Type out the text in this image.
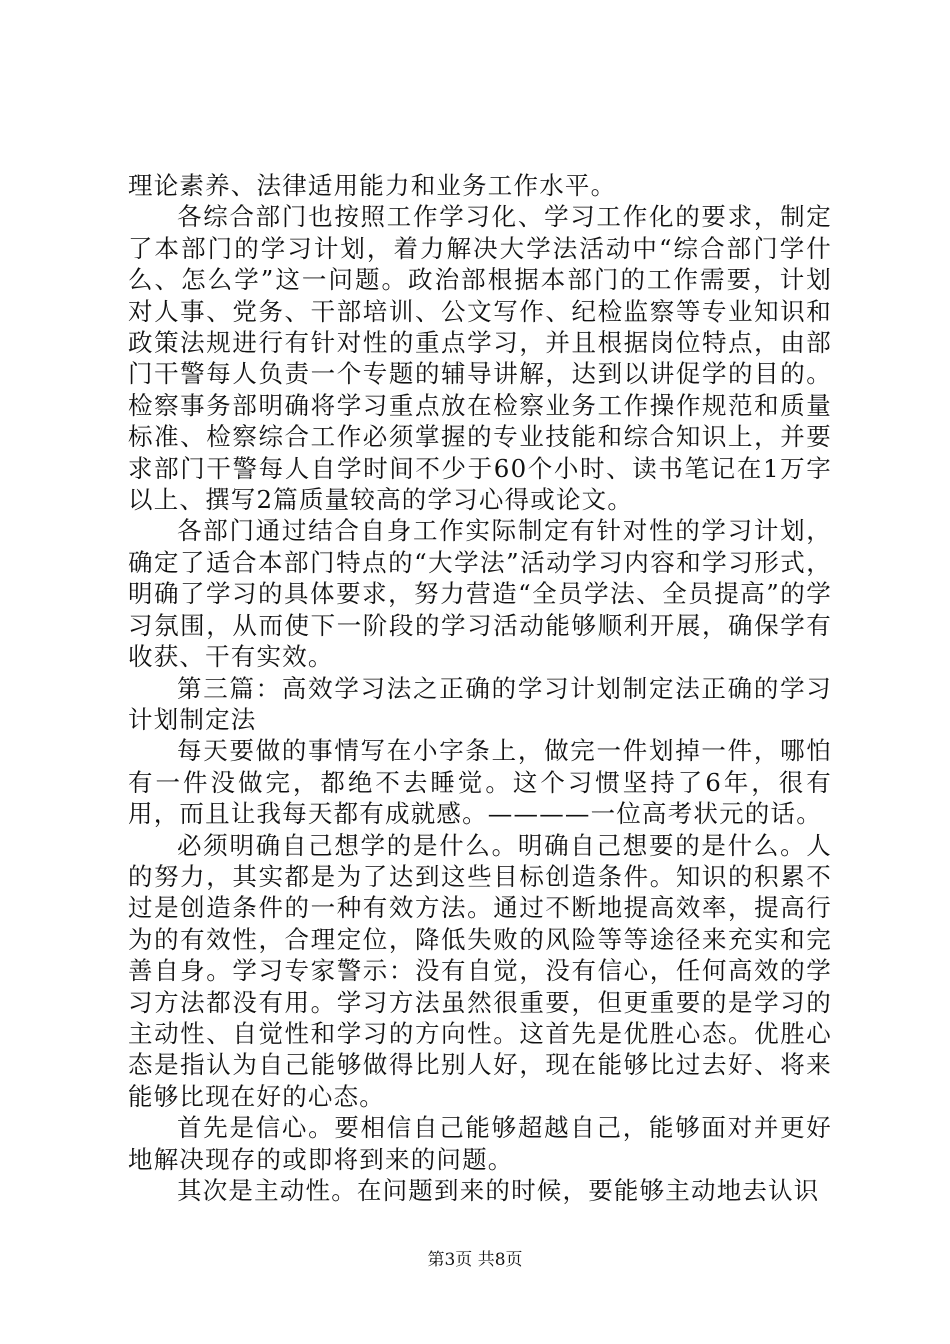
理论素养、法律适用能力和业务工作水平。

各综合部门也按照工作学习化、学习工作化的要求，制定了本部门的学习计划，着力解决大学法活动中“综合部门学什么、怎么学”这一问题。政治部根据本部门的工作需要，计划对人事、党务、干部培训、公文写作、纪检监察等专业知识和政策法规进行有针对性的重点学习，并且根据岗位特点，由部门干警每人负责一个专题的辅导讲解，达到以讲促学的目的。检察事务部明确将学习重点放在检察业务工作操作规范和质量标准、检察综合工作必须掌握的专业技能和综合知识上，并要求部门干警每人自学时间不少于60个小时、读书笔记在1万字以上、撰写2篇质量较高的学习心得或论文。

各部门通过结合自身工作实际制定有针对性的学习计划，确定了适合本部门特点的“大学法”活动学习内容和学习形式，明确了学习的具体要求，努力营造“全员学法、全员提高”的学习氛围，从而使下一阶段的学习活动能够顺利开展，确保学有收获、干有实效。

第三篇：高效学习法之正确的学习计划制定法正确的学习计划制定法

每天要做的事情写在小字条上，做完一件划掉一件，哪怕有一件没做完，都绝不去睡觉。这个习惯坚持了6年，很有用，而且让我每天都有成就感。————一位高考状元的话。

必须明确自己想学的是什么。明确自己想要的是什么。人的努力，其实都是为了达到这些目标创造条件。知识的积累不过是创造条件的一种有效方法。通过不断地提高效率，提高行为的有效性，合理定位，降低失败的风险等等途径来充实和完善自身。学习专家警示：没有自觉，没有信心，任何高效的学习方法都没有用。学习方法虽然很重要，但更重要的是学习的主动性、自觉性和学习的方向性。这首先是优胜心态。优胜心态是指认为自己能够做得比别人好，现在能够比过去好、将来能够比现在好的心态。

首先是信心。要相信自己能够超越自己，能够面对并更好地解决现存的或即将到来的问题。

其次是主动性。在问题到来的时候，要能够主动地去认识

第3页 共8页
